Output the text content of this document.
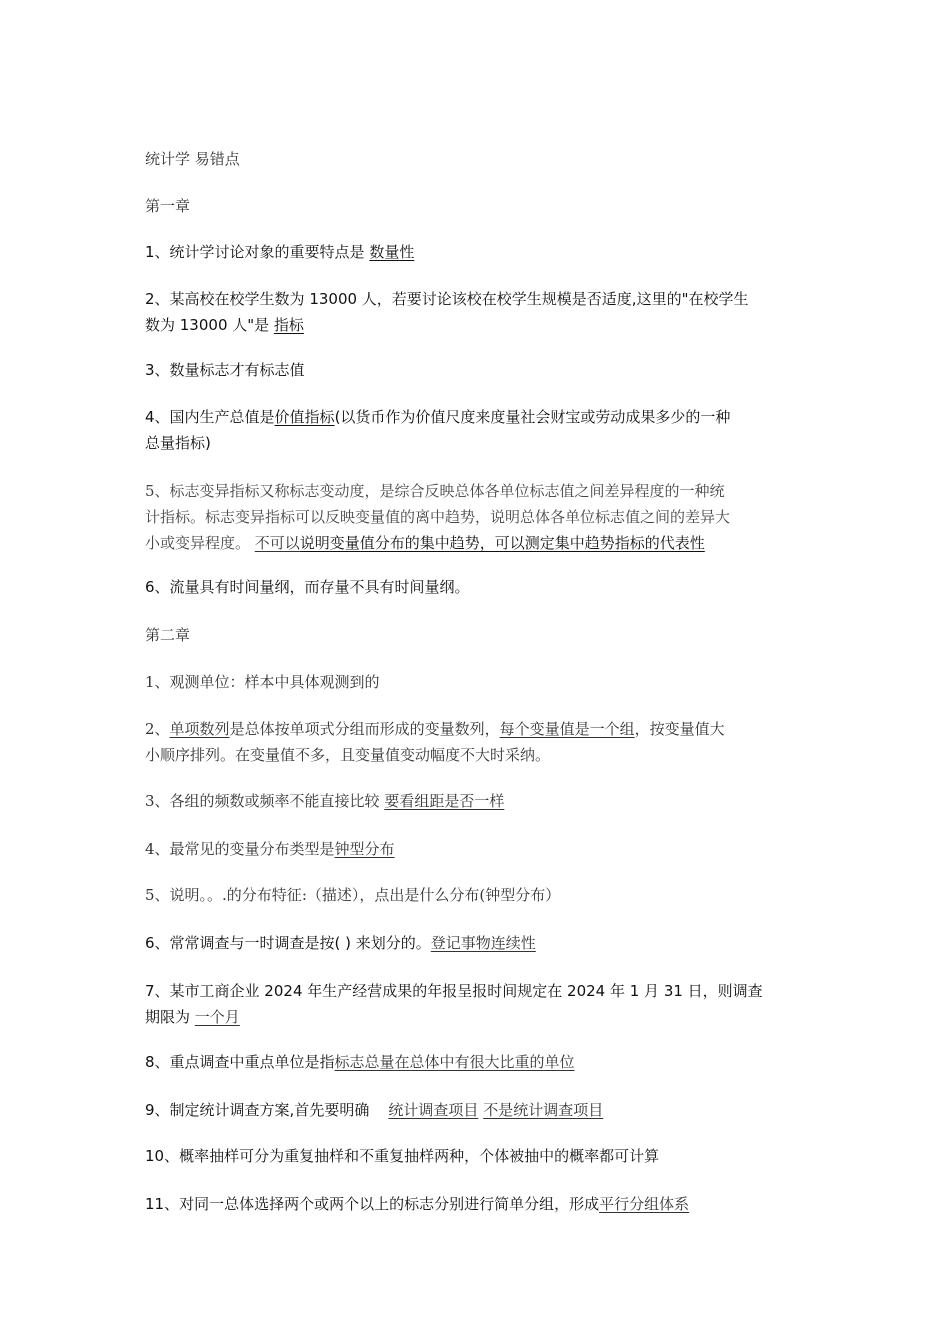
统计学 易错点
第一章
1、统计学讨论对象的重要特点是 数量性
2、某高校在校学生数为 13000 人，若要讨论该校在校学生规模是否适度,这里的"在校学生
数为 13000 人"是 指标
3、数量标志才有标志值
4、国内生产总值是价值指标(以货币作为价值尺度来度量社会财宝或劳动成果多少的一种
总量指标)
5、标志变异指标又称标志变动度，是综合反映总体各单位标志值之间差异程度的一种统
计指标。标志变异指标可以反映变量值的离中趋势，说明总体各单位标志值之间的差异大
小或变异程度。 不可以说明变量值分布的集中趋势，可以测定集中趋势指标的代表性
6、流量具有时间量纲，而存量不具有时间量纲。
第二章
1、观测单位：样本中具体观测到的
2、单项数列是总体按单项式分组而形成的变量数列，每个变量值是一个组，按变量值大
小顺序排列。在变量值不多，且变量值变动幅度不大时采纳。
3、各组的频数或频率不能直接比较 要看组距是否一样
4、最常见的变量分布类型是钟型分布
5、说明。。.的分布特征:（描述），点出是什么分布(钟型分布）
6、常常调查与一时调查是按( ) 来划分的。登记事物连续性
7、某市工商企业 2024 年生产经营成果的年报呈报时间规定在 2024 年 1 月 31 日，则调查
期限为 一个月
8、重点调查中重点单位是指标志总量在总体中有很大比重的单位
9、制定统计调查方案,首先要明确    统计调查项目 不是统计调查项目
10、概率抽样可分为重复抽样和不重复抽样两种，个体被抽中的概率都可计算
11、对同一总体选择两个或两个以上的标志分别进行简单分组，形成平行分组体系
